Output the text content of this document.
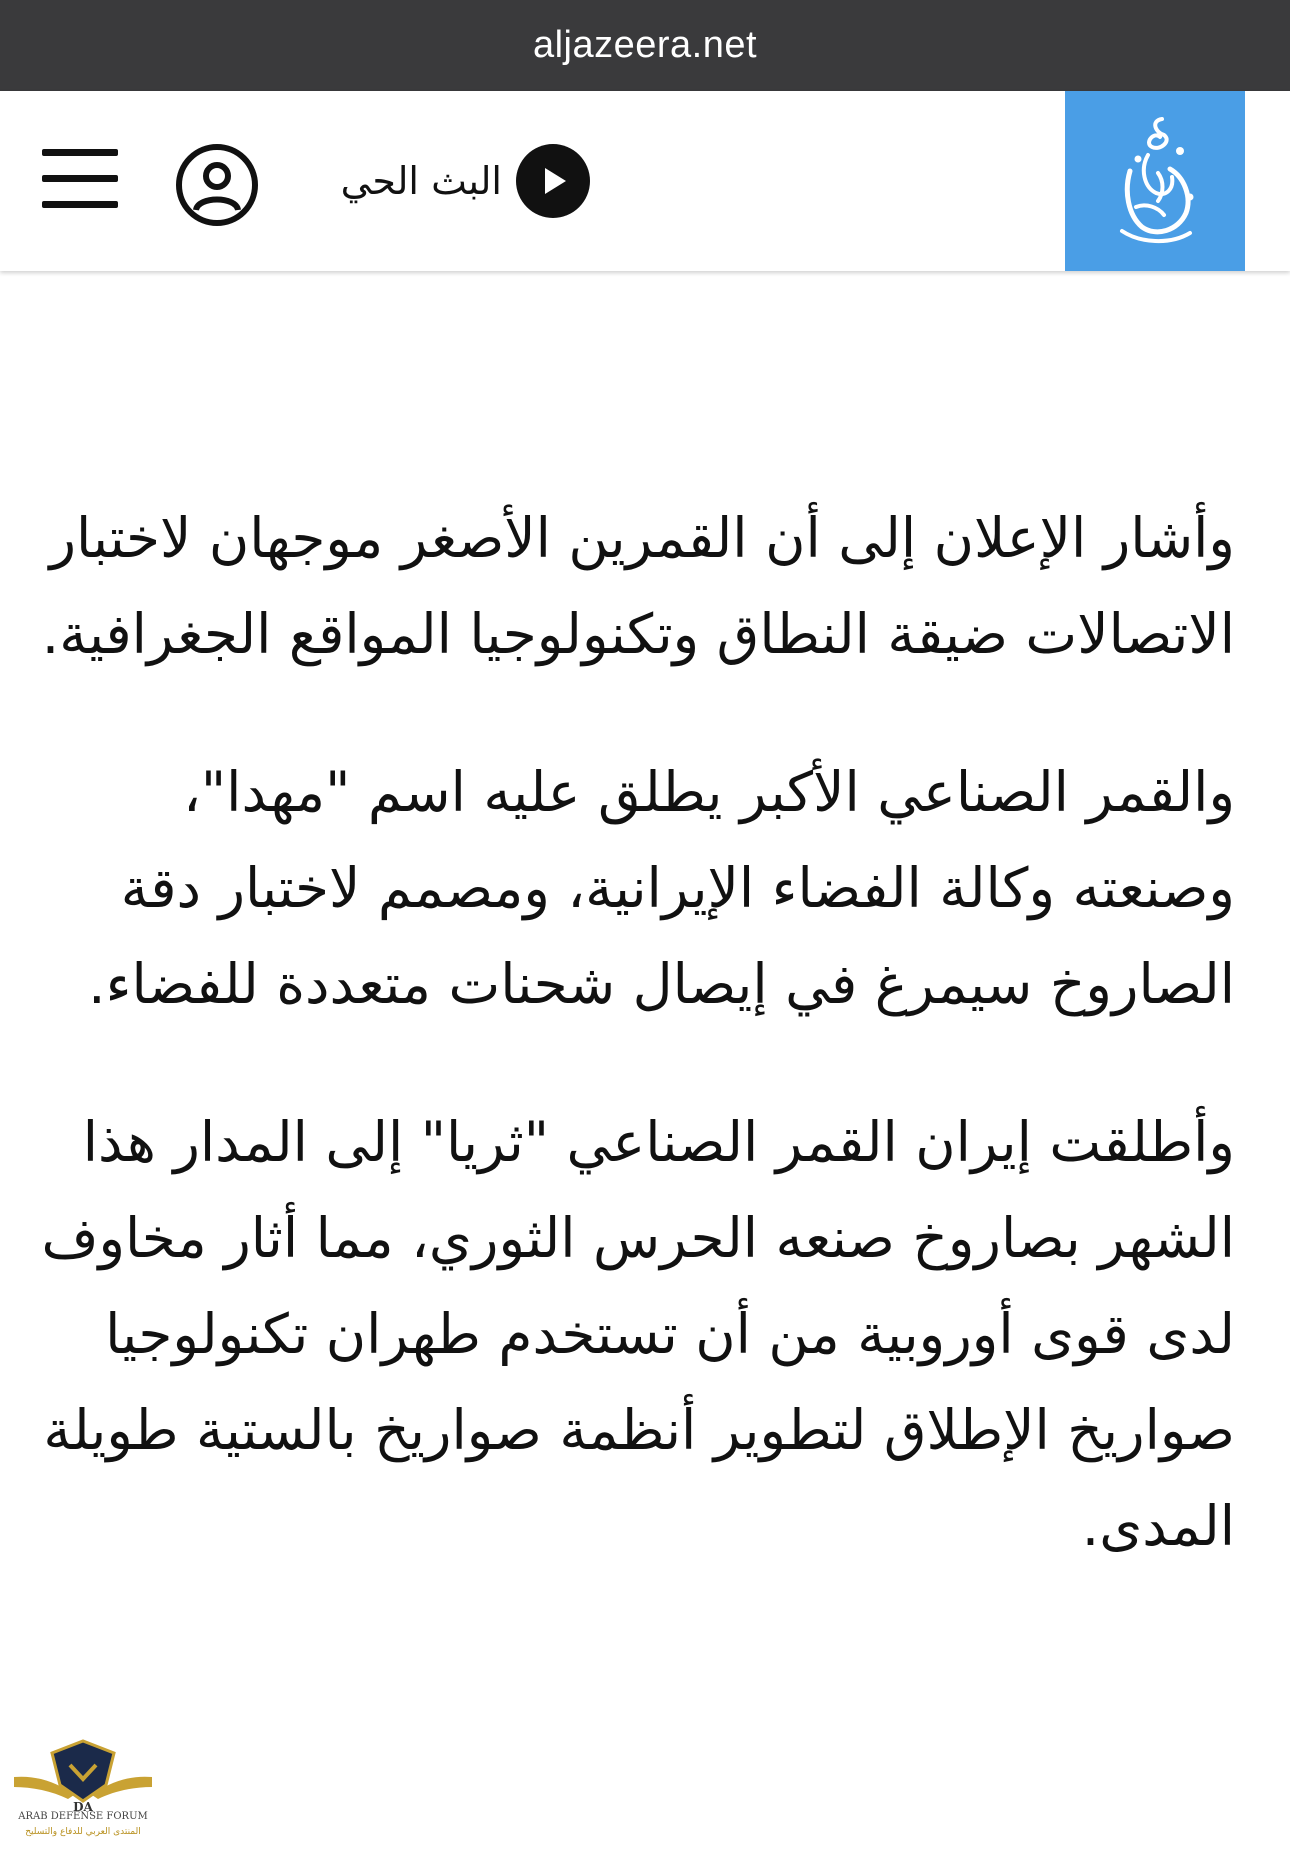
aljazeera.net
البث الحي

وأشار الإعلان إلى أن القمرين الأصغر موجهان لاختبار الاتصالات ضيقة النطاق وتكنولوجيا المواقع الجغرافية.

والقمر الصناعي الأكبر يطلق عليه اسم "مهدا"، وصنعته وكالة الفضاء الإيرانية، ومصمم لاختبار دقة الصاروخ سيمرغ في إيصال شحنات متعددة للفضاء.

وأطلقت إيران القمر الصناعي "ثريا" إلى المدار هذا الشهر بصاروخ صنعه الحرس الثوري، مما أثار مخاوف لدى قوى أوروبية من أن تستخدم طهران تكنولوجيا صواريخ الإطلاق لتطوير أنظمة صواريخ بالستية طويلة المدى.

DA
ARAB DEFENSE FORUM
المنتدى العربي للدفاع والتسليح
